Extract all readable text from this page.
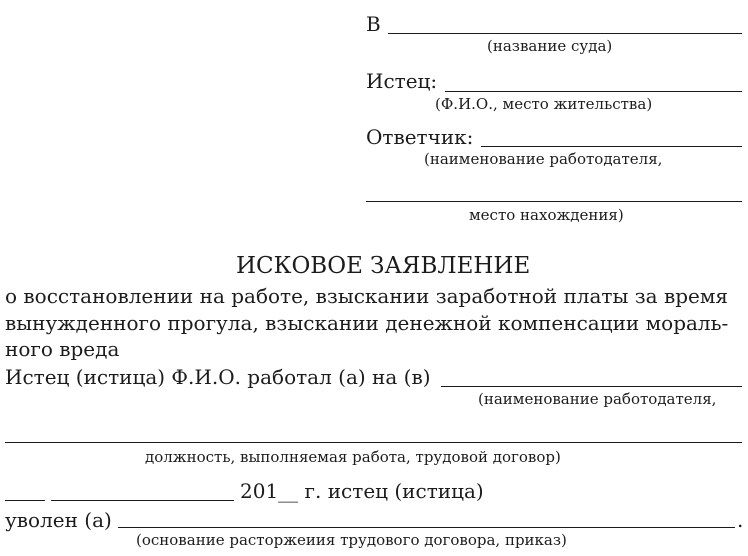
В
(название суда)
Истец:
(Ф.И.О., место жительства)
Ответчик:
(наименование работодателя,
место нахождения)
ИСКОВОЕ ЗАЯВЛЕНИЕ
о восстановлении на работе, взыскании заработной платы за время
вынужденного прогула, взыскании денежной компенсации мораль-
ного вреда
Истец (истица) Ф.И.О. работал (а) на (в)
(наименование работодателя,
должность, выполняемая работа, трудовой договор)
201__ г. истец (истица)
уволен (а)	.
(основание расторжеиия трудового договора, приказ)
